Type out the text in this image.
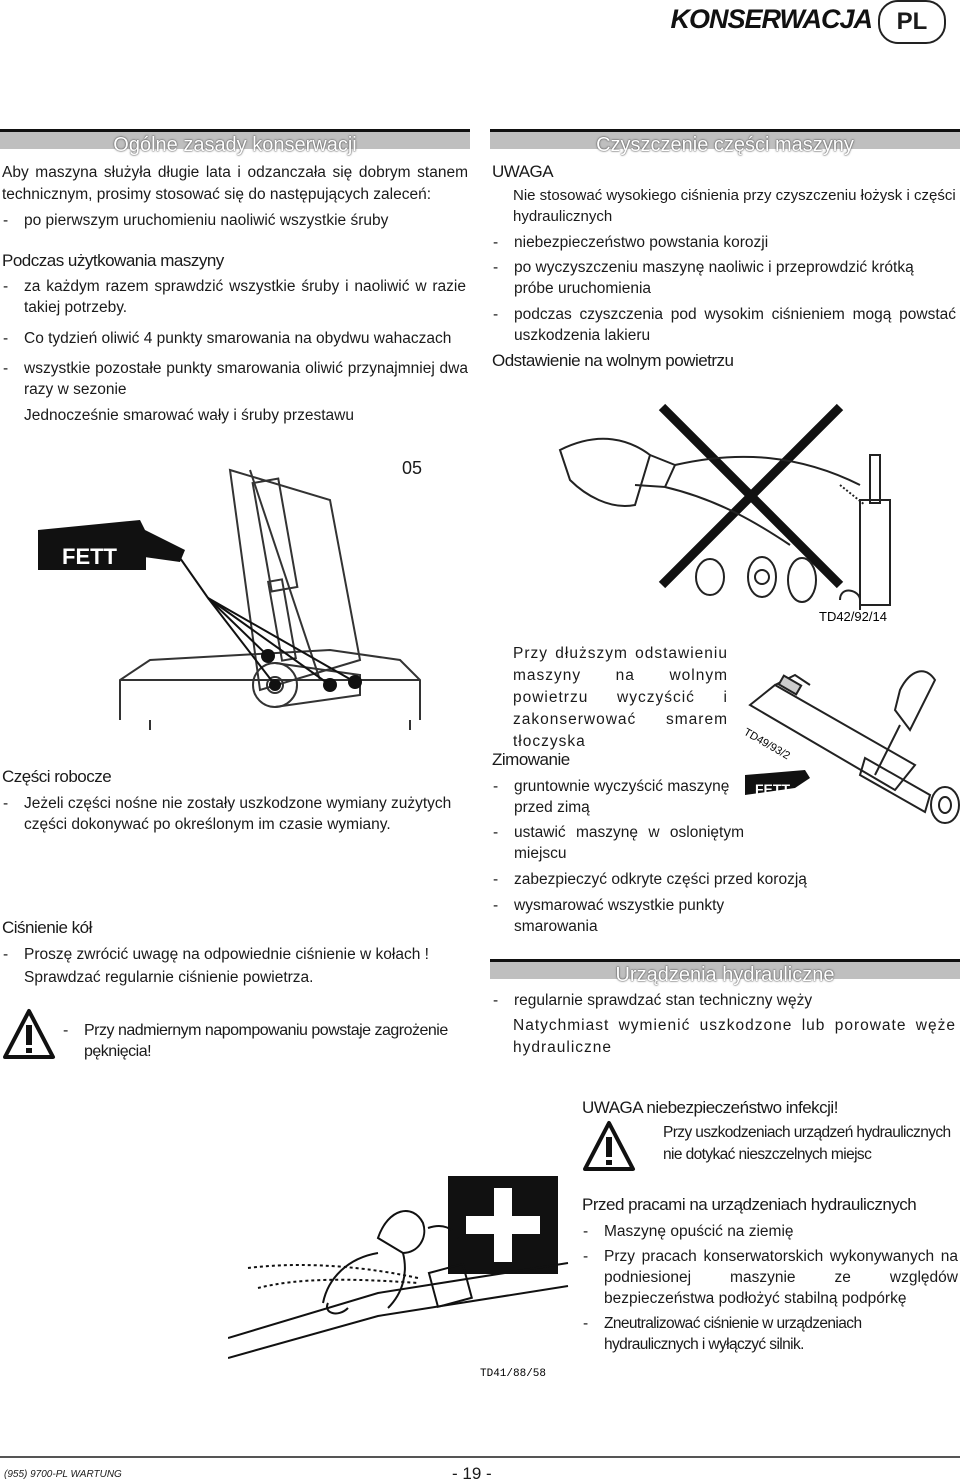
KONSERWACJA	PL
Ogólne zasady konserwacji	Czyszczenie części maszyny

Aby maszyna służyła długie lata i odzanczała się dobrym stanem technicznym, prosimy stosować się do następujących zaleceń:

- po pierwszym uruchomieniu naoliwić wszystkie śruby

Podczas użytkowania maszyny

- za każdym razem sprawdzić wszystkie śruby i naoliwić w razie takiej potrzeby.

- Co tydzień oliwić 4 punkty smarowania na obydwu wahaczach

- wszystkie pozostałe punkty smarowania oliwić przynajmniej dwa razy w sezonie

Jednocześnie smarować wały i śruby przestawu

05
FETT

Części robocze

- Jeżeli części nośne nie zostały uszkodzone wymiany zużytych części dokonywać po określonym im czasie wymiany.

Ciśnienie kół

- Proszę zwrócić uwagę na odpowiednie ciśnienie w kołach !

Sprawdzać regularnie ciśnienie powietrza.

- Przy nadmiernym napompowaniu powstaje zagrożenie pęknięcia!

UWAGA

Nie stosować wysokiego ciśnienia przy czyszczeniu łożysk i części hydraulicznych

- niebezpieczeństwo powstania korozji

- po wyczyszczeniu maszynę naoliwic i przeprowdzić krótką próbe uruchomienia

- podczas czyszczenia pod wysokim ciśnieniem mogą powstać uszkodzenia lakieru

Odstawienie na wolnym powietrzu

TD42/92/14

Przy dłuższym odstawieniu maszyny na wolnym powietrzu wyczyścić i zakonserwować smarem tłoczyska	TD49/93/2
FETT

Zimowanie

- gruntownie wyczyścić maszynę przed zimą

- ustawić maszynę w osloniętym miejscu

- zabezpieczyć odkryte części przed korozją

- wysmarować wszystkie punkty smarowania

Urządzenia hydrauliczne

- regularnie sprawdzać stan techniczny węży

Natychmiast wymienić uszkodzone lub porowate węże hydrauliczne

UWAGA niebezpieczeństwo infekcji!

Przy uszkodzeniach urządzeń hydraulicznych nie dotykać nieszczelnych miejsc

TD41/88/58

Przed pracami na urządzeniach hydraulicznych

- Maszynę opuścić na ziemię

- Przy pracach konserwatorskich wykonywanych na podniesionej maszynie ze względów bezpieczeństwa podłożyć stabilną podpórkę

- Zneutralizować ciśnienie w urządzeniach hydraulicznych i wyłączyć silnik.

(955) 9700-PL WARTUNG	- 19 -
